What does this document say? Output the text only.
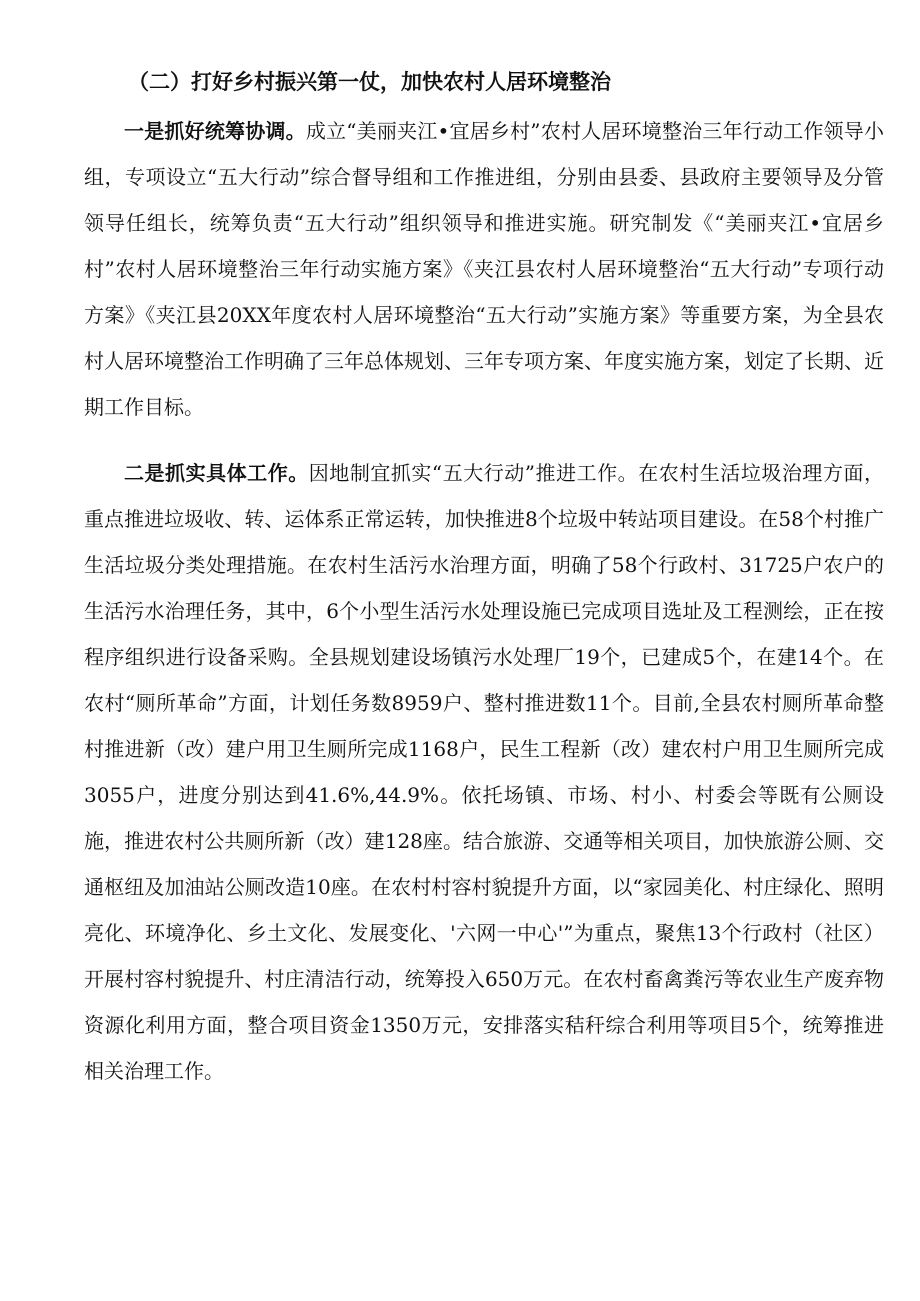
（二）打好乡村振兴第一仗，加快农村人居环境整治

一是抓好统筹协调。成立“美丽夹江•宜居乡村”农村人居环境整治三年行动工作领导小组，专项设立“五大行动”综合督导组和工作推进组，分别由县委、县政府主要领导及分管领导任组长，统筹负责“五大行动”组织领导和推进实施。研究制发《“美丽夹江•宜居乡村”农村人居环境整治三年行动实施方案》《夹江县农村人居环境整治“五大行动”专项行动方案》《夹江县20XX年度农村人居环境整治“五大行动”实施方案》等重要方案，为全县农村人居环境整治工作明确了三年总体规划、三年专项方案、年度实施方案，划定了长期、近期工作目标。

二是抓实具体工作。因地制宜抓实“五大行动”推进工作。在农村生活垃圾治理方面，重点推进垃圾收、转、运体系正常运转，加快推进8个垃圾中转站项目建设。在58个村推广生活垃圾分类处理措施。在农村生活污水治理方面，明确了58个行政村、31725户农户的生活污水治理任务，其中，6个小型生活污水处理设施已完成项目选址及工程测绘，正在按程序组织进行设备采购。全县规划建设场镇污水处理厂19个，已建成5个，在建14个。在农村“厕所革命”方面，计划任务数8959户、整村推进数11个。目前,全县农村厕所革命整村推进新（改）建户用卫生厕所完成1168户，民生工程新（改）建农村户用卫生厕所完成3055户，进度分别达到41.6%,44.9%。依托场镇、市场、村小、村委会等既有公厕设施，推进农村公共厕所新（改）建128座。结合旅游、交通等相关项目，加快旅游公厕、交通枢纽及加油站公厕改造10座。在农村村容村貌提升方面，以“家园美化、村庄绿化、照明亮化、环境净化、乡土文化、发展变化、'六网一中心'”为重点，聚焦13个行政村（社区）开展村容村貌提升、村庄清洁行动，统筹投入650万元。在农村畜禽粪污等农业生产废弃物资源化利用方面，整合项目资金1350万元，安排落实秸秆综合利用等项目5个，统筹推进相关治理工作。
